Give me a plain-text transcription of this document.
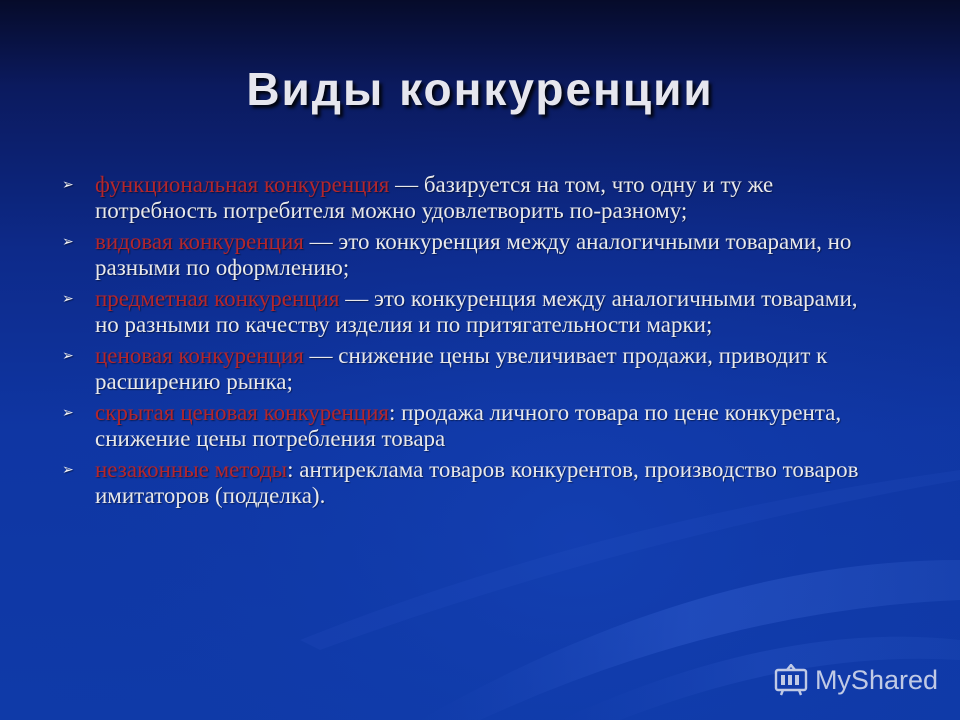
Виды конкуренции
➢ функциональная конкуренция — базируется на том, что одну и ту же потребность потребителя можно удовлетворить по-разному;
➢ видовая конкуренция — это конкуренция между аналогичными товарами, но разными по оформлению;
➢ предметная конкуренция — это конкуренция между аналогичными товарами, но разными по качеству изделия и по притягательности марки;
➢ ценовая конкуренция — снижение цены увеличивает продажи, приводит к расширению рынка;
➢ скрытая ценовая конкуренция: продажа личного товара по цене конкурента, снижение цены потребления товара
➢ незаконные методы: антиреклама товаров конкурентов, производство товаров имитаторов (подделка).
MyShared
